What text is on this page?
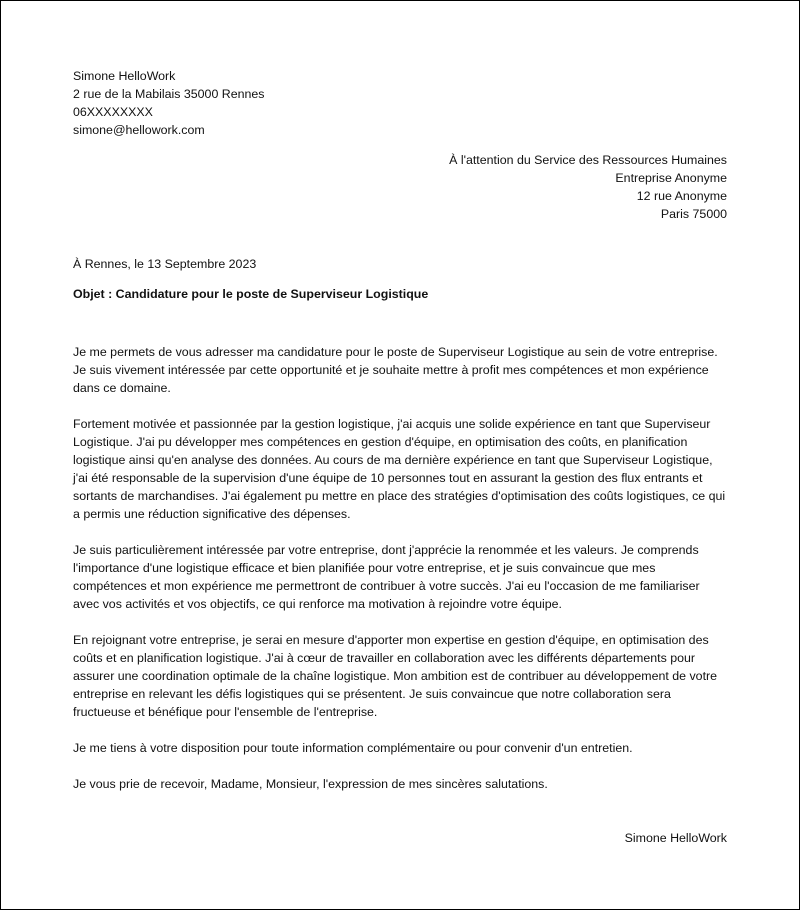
Simone HelloWork
2 rue de la Mabilais 35000 Rennes
06XXXXXXXX
simone@hellowork.com
À l'attention du Service des Ressources Humaines
Entreprise Anonyme
12 rue Anonyme
Paris 75000
À Rennes, le 13 Septembre 2023
Objet : Candidature pour le poste de Superviseur Logistique

Je me permets de vous adresser ma candidature pour le poste de Superviseur Logistique au sein de votre entreprise. Je suis vivement intéressée par cette opportunité et je souhaite mettre à profit mes compétences et mon expérience dans ce domaine.

Fortement motivée et passionnée par la gestion logistique, j'ai acquis une solide expérience en tant que Superviseur Logistique. J'ai pu développer mes compétences en gestion d'équipe, en optimisation des coûts, en planification logistique ainsi qu'en analyse des données. Au cours de ma dernière expérience en tant que Superviseur Logistique, j'ai été responsable de la supervision d'une équipe de 10 personnes tout en assurant la gestion des flux entrants et sortants de marchandises. J'ai également pu mettre en place des stratégies d'optimisation des coûts logistiques, ce qui a permis une réduction significative des dépenses.

Je suis particulièrement intéressée par votre entreprise, dont j'apprécie la renommée et les valeurs. Je comprends l'importance d'une logistique efficace et bien planifiée pour votre entreprise, et je suis convaincue que mes compétences et mon expérience me permettront de contribuer à votre succès. J'ai eu l'occasion de me familiariser avec vos activités et vos objectifs, ce qui renforce ma motivation à rejoindre votre équipe.

En rejoignant votre entreprise, je serai en mesure d'apporter mon expertise en gestion d'équipe, en optimisation des coûts et en planification logistique. J'ai à cœur de travailler en collaboration avec les différents départements pour assurer une coordination optimale de la chaîne logistique. Mon ambition est de contribuer au développement de votre entreprise en relevant les défis logistiques qui se présentent. Je suis convaincue que notre collaboration sera fructueuse et bénéfique pour l'ensemble de l'entreprise.

Je me tiens à votre disposition pour toute information complémentaire ou pour convenir d'un entretien.

Je vous prie de recevoir, Madame, Monsieur, l'expression de mes sincères salutations.

Simone HelloWork
